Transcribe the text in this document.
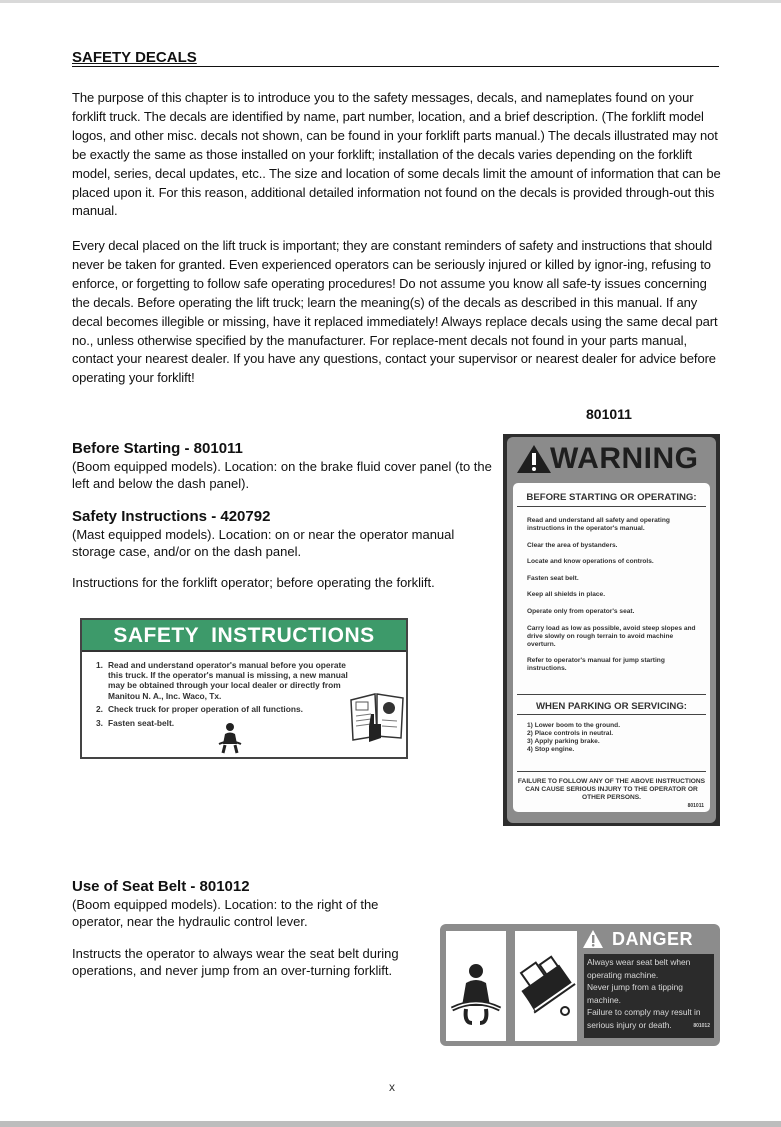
SAFETY DECALS
The purpose of this chapter is to introduce you to the safety messages, decals, and nameplates found on your forklift truck. The decals are identified by name, part number, location, and a brief description. (The forklift model logos, and other misc. decals not shown, can be found in your forklift parts manual.) The decals illustrated may not be exactly the same as those installed on your forklift; installation of the decals varies depending on the forklift model, series, decal updates, etc.. The size and location of some decals limit the amount of information that can be placed upon it. For this reason, additional detailed information not found on the decals is provided through-out this manual.
Every decal placed on the lift truck is important; they are constant reminders of safety and instructions that should never be taken for granted. Even experienced operators can be seriously injured or killed by ignor-ing, refusing to enforce, or forgetting to follow safe operating procedures! Do not assume you know all safe-ty issues concerning the decals. Before operating the lift truck; learn the meaning(s) of the decals as described in this manual. If any decal becomes illegible or missing, have it replaced immediately! Always replace decals using the same decal part no., unless otherwise specified by the manufacturer. For replace-ment decals not found in your parts manual, contact your nearest dealer. If you have any questions, contact your supervisor or nearest dealer for advice before operating your forklift!
801011
Before Starting - 801011
(Boom equipped models). Location: on the brake fluid cover panel (to the left and below the dash panel).
Safety Instructions - 420792
(Mast equipped models). Location: on or near the operator manual storage case, and/or on the dash panel.
Instructions for the forklift operator; before operating the forklift.
SAFETY INSTRUCTIONS
1. Read and understand operator's manual before you operate this truck. If the operator's manual is missing, a new manual may be obtained through your local dealer or directly from Manitou N. A., Inc. Waco, Tx.
2. Check truck for proper operation of all functions.
3. Fasten seat-belt.
WARNING
BEFORE STARTING OR OPERATING:
Read and understand all safety and operating instructions in the operator's manual.
Clear the area of bystanders.
Locate and know operations of controls.
Fasten seat belt.
Keep all shields in place.
Operate only from operator's seat.
Carry load as low as possible, avoid steep slopes and drive slowly on rough terrain to avoid machine overturn.
Refer to operator's manual for jump starting instructions.
WHEN PARKING OR SERVICING:
1) Lower boom to the ground.
2) Place controls in neutral.
3) Apply parking brake.
4) Stop engine.
FAILURE TO FOLLOW ANY OF THE ABOVE INSTRUCTIONS CAN CAUSE SERIOUS INJURY TO THE OPERATOR OR OTHER PERSONS.
801011
Use of Seat Belt - 801012
(Boom equipped models). Location: to the right of the operator, near the hydraulic control lever.
Instructs the operator to always wear the seat belt during operations, and never jump from an over-turning forklift.
DANGER
Always wear seat belt when operating machine.
Never jump from a tipping machine.
Failure to comply may result in serious injury or death.	801012
x
